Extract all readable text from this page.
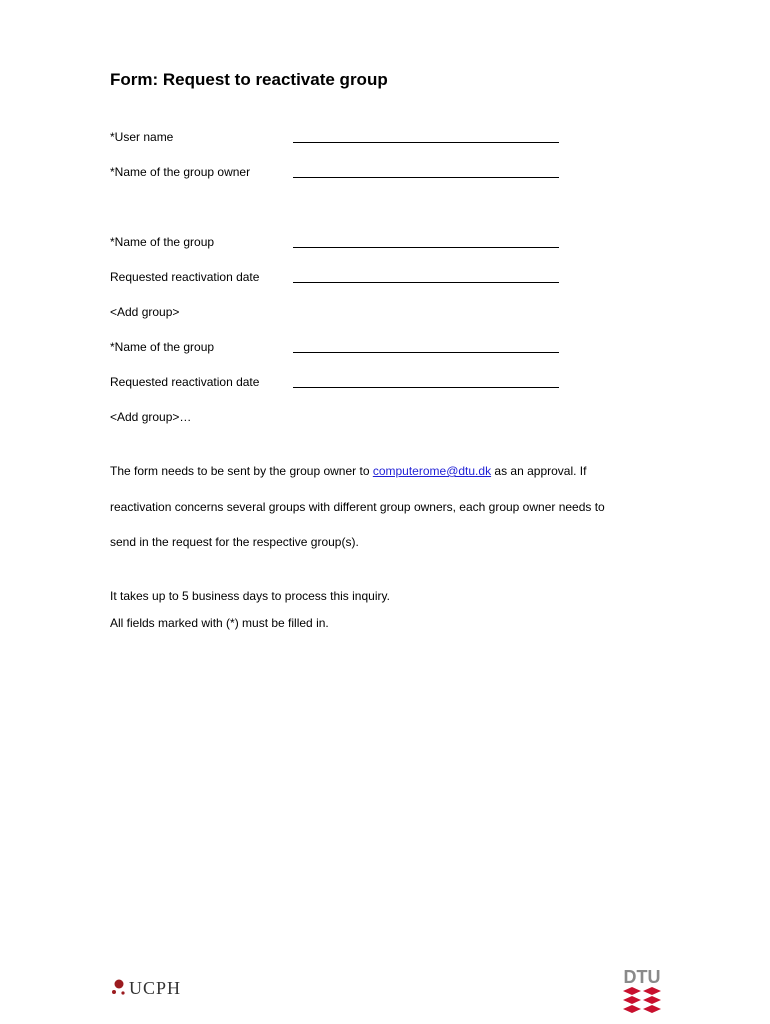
Form: Request to reactivate group
*User name
*Name of the group owner
*Name of the group
Requested reactivation date
<Add group>
*Name of the group
Requested reactivation date
<Add group>…
The form needs to be sent by the group owner to computerome@dtu.dk as an approval. If
reactivation concerns several groups with different group owners, each group owner needs to
send in the request for the respective group(s).
It takes up to 5 business days to process this inquiry.
All fields marked with (*) must be filled in.
UCPH
DTU
